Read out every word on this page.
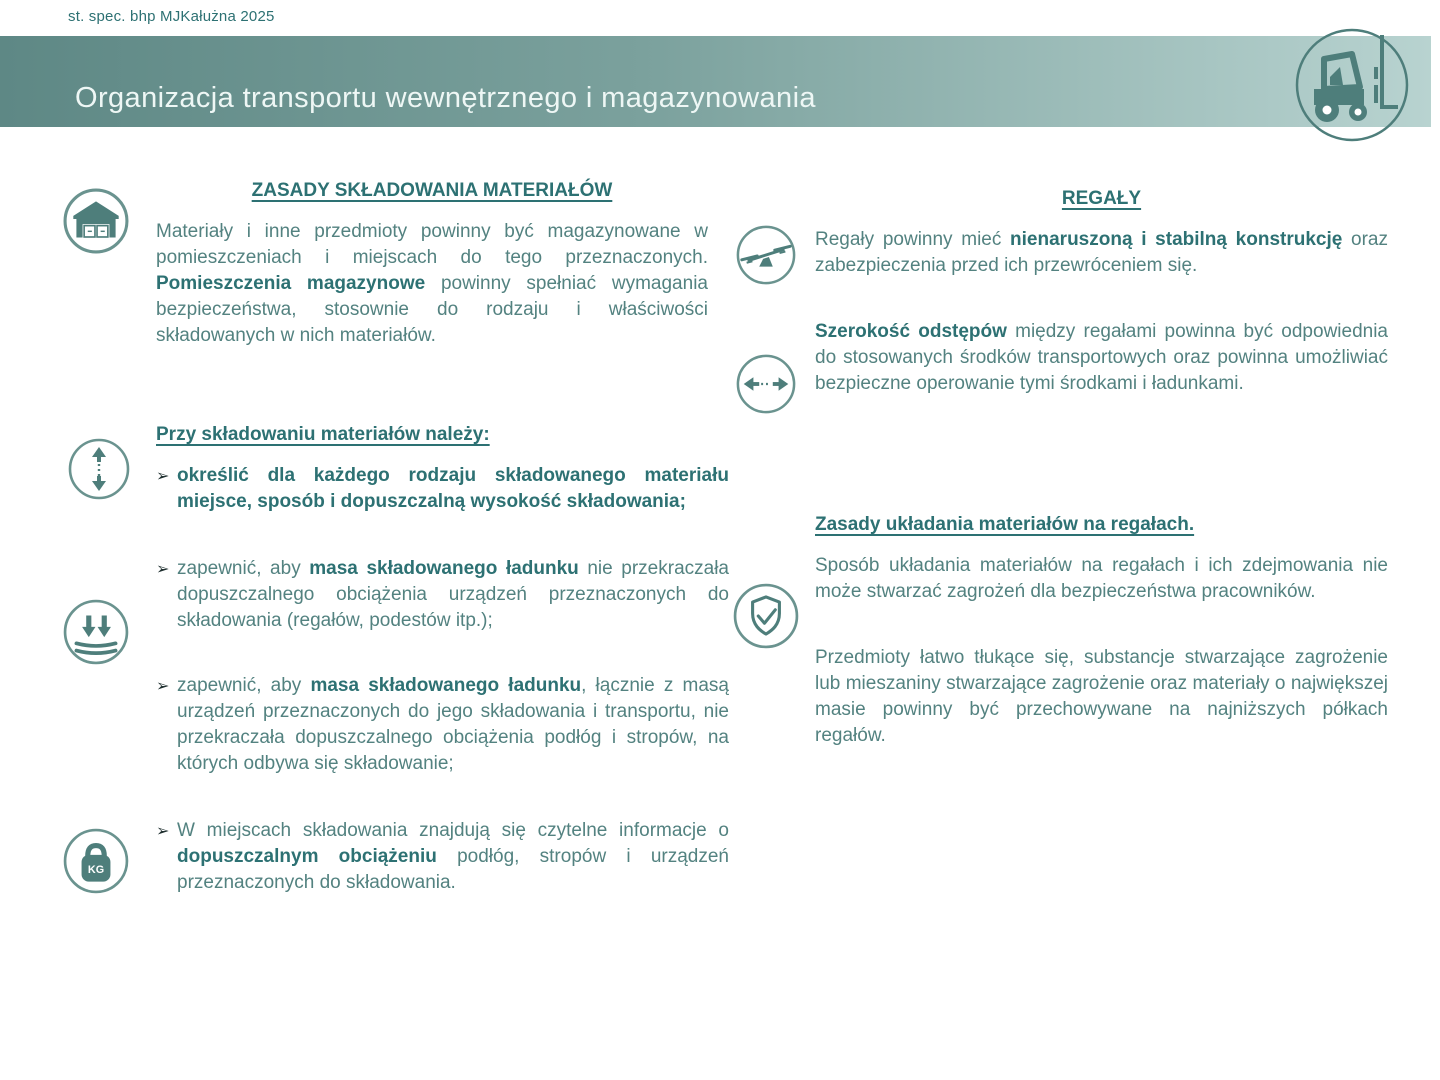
st. spec. bhp MJKałużna 2025
Organizacja transportu wewnętrznego i magazynowania
ZASADY SKŁADOWANIA MATERIAŁÓW
Materiały i inne przedmioty powinny być magazynowane w pomieszczeniach i miejscach do tego przeznaczonych. Pomieszczenia magazynowe powinny spełniać wymagania bezpieczeństwa, stosownie do rodzaju i właściwości składowanych w nich materiałów.
Przy składowaniu materiałów należy:
➢ określić dla każdego rodzaju składowanego materiału miejsce, sposób i dopuszczalną wysokość składowania;
➢ zapewnić, aby masa składowanego ładunku nie przekraczała dopuszczalnego obciążenia urządzeń przeznaczonych do składowania (regałów, podestów itp.);
➢ zapewnić, aby masa składowanego ładunku, łącznie z masą urządzeń przeznaczonych do jego składowania i transportu, nie przekraczała dopuszczalnego obciążenia podłóg i stropów, na których odbywa się składowanie;
KG
➢ W miejscach składowania znajdują się czytelne informacje o dopuszczalnym obciążeniu podłóg, stropów i urządzeń przeznaczonych do składowania.
REGAŁY
Regały powinny mieć nienaruszoną i stabilną konstrukcję oraz zabezpieczenia przed ich przewróceniem się.
Szerokość odstępów między regałami powinna być odpowiednia do stosowanych środków transportowych oraz powinna umożliwiać bezpieczne operowanie tymi środkami i ładunkami.
Zasady układania materiałów na regałach.
Sposób układania materiałów na regałach i ich zdejmowania nie może stwarzać zagrożeń dla bezpieczeństwa pracowników.
Przedmioty łatwo tłukące się, substancje stwarzające zagrożenie lub mieszaniny stwarzające zagrożenie oraz materiały o największej masie powinny być przechowywane na najniższych półkach regałów.
